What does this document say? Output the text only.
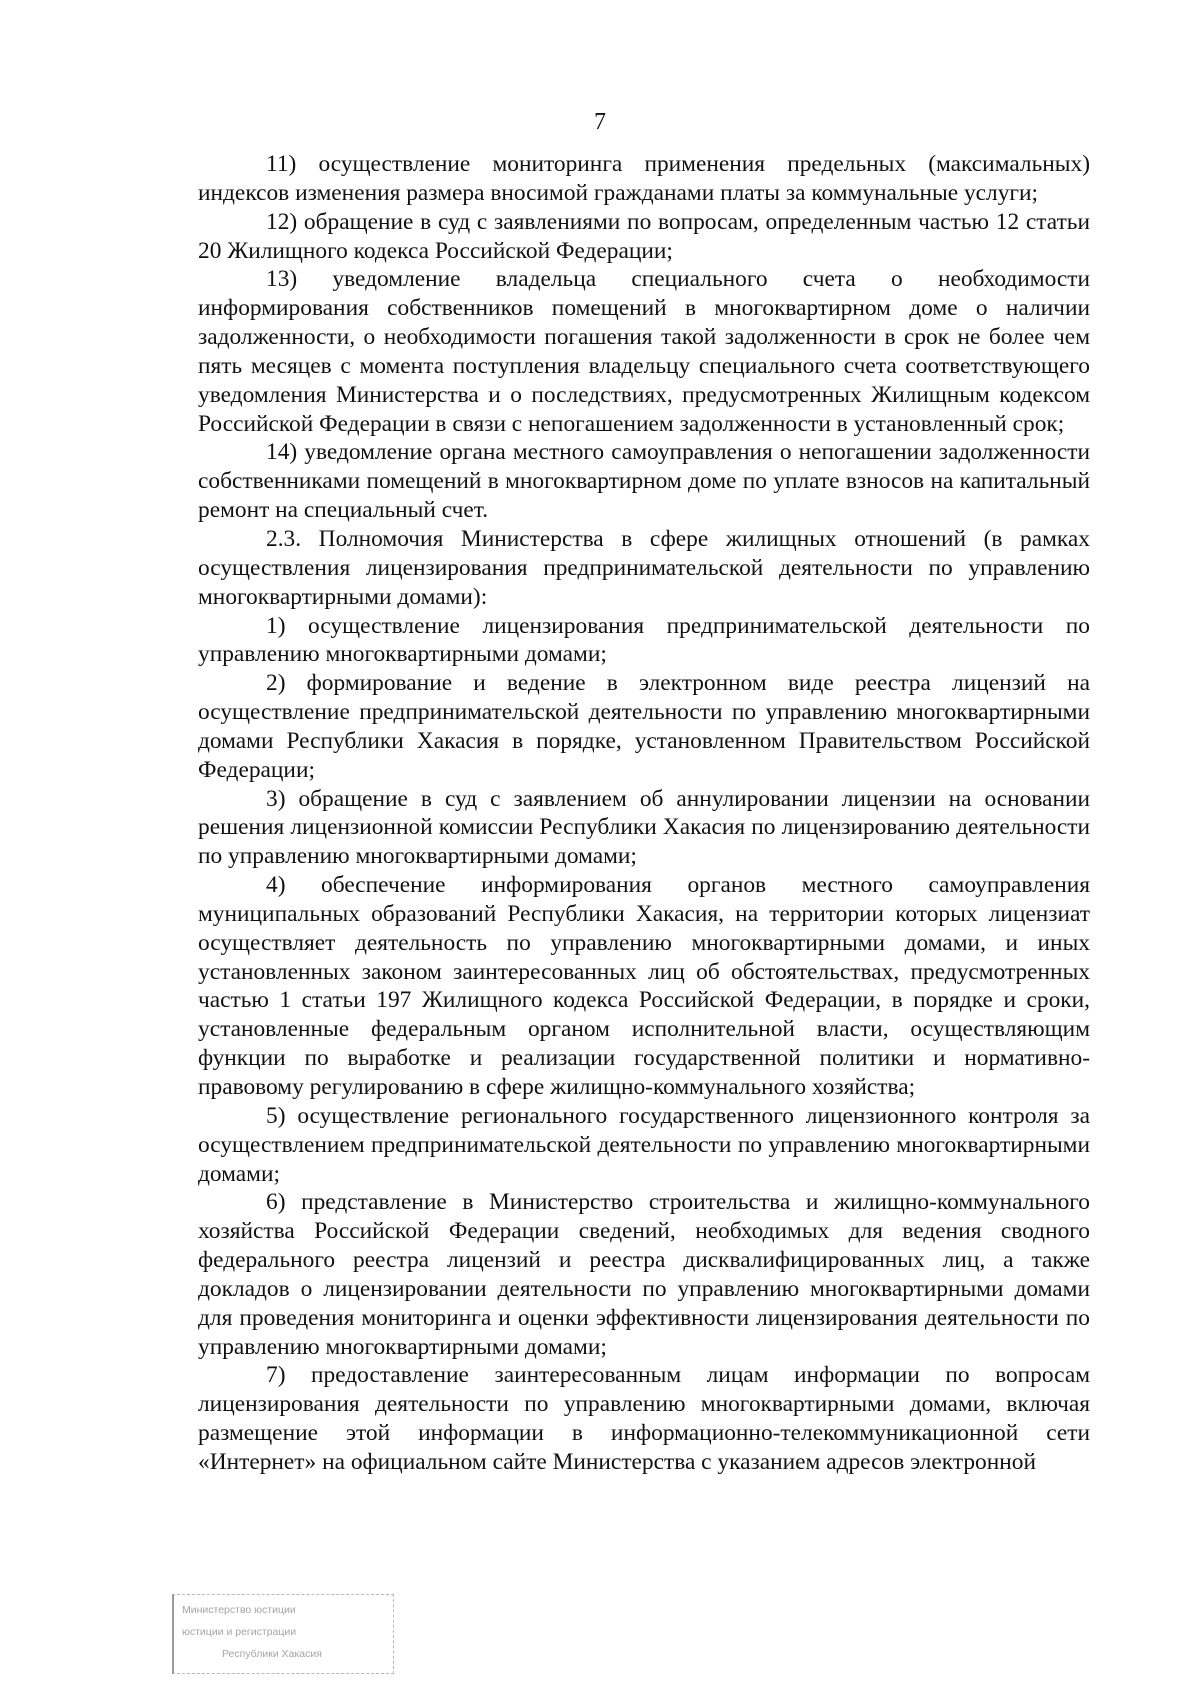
7

11) осуществление мониторинга применения предельных (максимальных) индексов изменения размера вносимой гражданами платы за коммунальные услуги;

12) обращение в суд с заявлениями по вопросам, определенным частью 12 статьи 20 Жилищного кодекса Российской Федерации;

13) уведомление владельца специального счета о необходимости информирования собственников помещений в многоквартирном доме о наличии задолженности, о необходимости погашения такой задолженности в срок не более чем пять месяцев с момента поступления владельцу специального счета соответствующего уведомления Министерства и о последствиях, предусмотренных Жилищным кодексом Российской Федерации в связи с непогашением задолженности в установленный срок;

14) уведомление органа местного самоуправления о непогашении задолженности собственниками помещений в многоквартирном доме по уплате взносов на капитальный ремонт на специальный счет.

2.3. Полномочия Министерства в сфере жилищных отношений (в рамках осуществления лицензирования предпринимательской деятельности по управлению многоквартирными домами):

1) осуществление лицензирования предпринимательской деятельности по управлению многоквартирными домами;

2) формирование и ведение в электронном виде реестра лицензий на осуществление предпринимательской деятельности по управлению многоквартирными домами Республики Хакасия в порядке, установленном Правительством Российской Федерации;

3) обращение в суд с заявлением об аннулировании лицензии на основании решения лицензионной комиссии Республики Хакасия по лицензированию деятельности по управлению многоквартирными домами;

4) обеспечение информирования органов местного самоуправления муниципальных образований Республики Хакасия, на территории которых лицензиат осуществляет деятельность по управлению многоквартирными домами, и иных установленных законом заинтересованных лиц об обстоятельствах, предусмотренных частью 1 статьи 197 Жилищного кодекса Российской Федерации, в порядке и сроки, установленные федеральным органом исполнительной власти, осуществляющим функции по выработке и реализации государственной политики и нормативно-правовому регулированию в сфере жилищно-коммунального хозяйства;

5) осуществление регионального государственного лицензионного контроля за осуществлением предпринимательской деятельности по управлению многоквартирными домами;

6) представление в Министерство строительства и жилищно-коммунального хозяйства Российской Федерации сведений, необходимых для ведения сводного федерального реестра лицензий и реестра дисквалифицированных лиц, а также докладов о лицензировании деятельности по управлению многоквартирными домами для проведения мониторинга и оценки эффективности лицензирования деятельности по управлению многоквартирными домами;

7) предоставление заинтересованным лицам информации по вопросам лицензирования деятельности по управлению многоквартирными домами, включая размещение этой информации в информационно-телекоммуникационной сети «Интернет» на официальном сайте Министерства с указанием адресов электронной

Министерство юстиции
юстиции и регистрации
Республики Хакасия
